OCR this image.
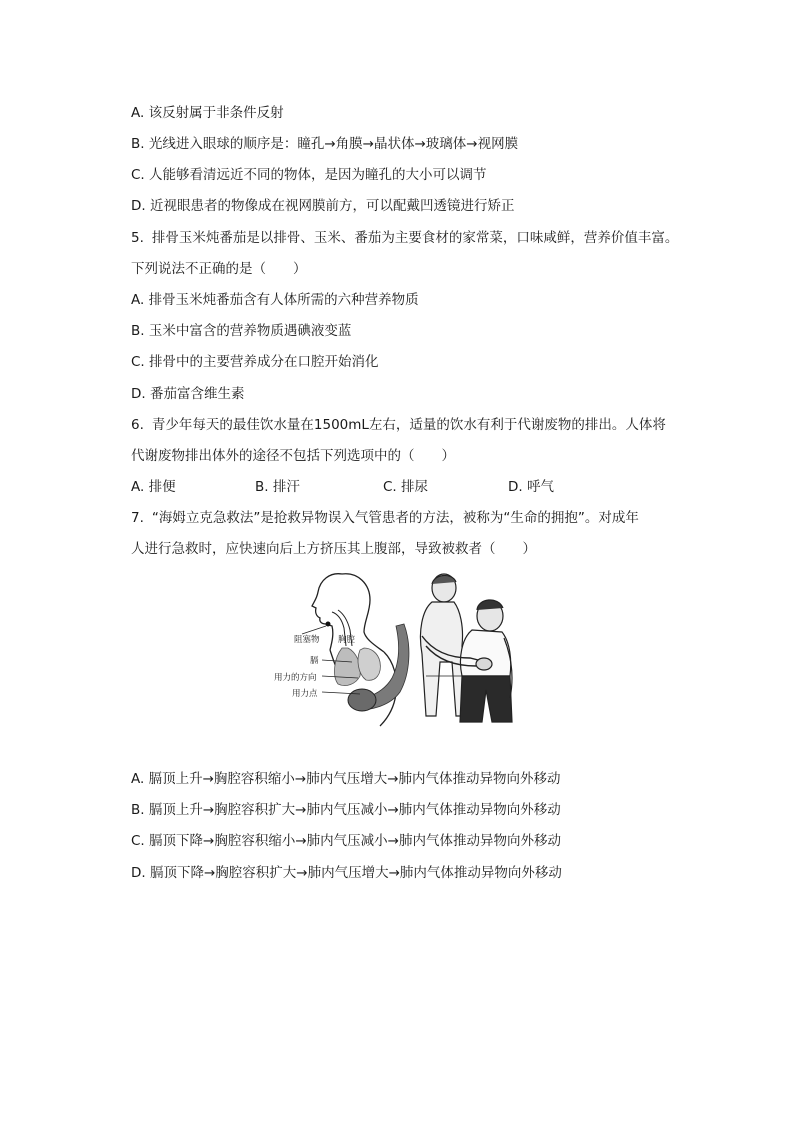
A. 该反射属于非条件反射
B. 光线进入眼球的顺序是：瞳孔→角膜→晶状体→玻璃体→视网膜
C. 人能够看清远近不同的物体，是因为瞳孔的大小可以调节
D. 近视眼患者的物像成在视网膜前方，可以配戴凹透镜进行矫正
5. 排骨玉米炖番茄是以排骨、玉米、番茄为主要食材的家常菜，口味咸鲜，营养价值丰富。
下列说法不正确的是（　　）
A. 排骨玉米炖番茄含有人体所需的六种营养物质
B. 玉米中富含的营养物质遇碘液变蓝
C. 排骨中的主要营养成分在口腔开始消化
D. 番茄富含维生素
6. 青少年每天的最佳饮水量在1500mL左右，适量的饮水有利于代谢废物的排出。人体将
代谢废物排出体外的途径不包括下列选项中的（　　）
A. 排便	B. 排汗	C. 排尿	D. 呼气
7. “海姆立克急救法”是抢救异物误入气管患者的方法，被称为“生命的拥抱”。对成年
人进行急救时，应快速向后上方挤压其上腹部，导致被救者（　　）
阻塞物 胸腔
膈
用力的方向
用力点
A. 膈顶上升→胸腔容积缩小→肺内气压增大→肺内气体推动异物向外移动
B. 膈顶上升→胸腔容积扩大→肺内气压减小→肺内气体推动异物向外移动
C. 膈顶下降→胸腔容积缩小→肺内气压减小→肺内气体推动异物向外移动
D. 膈顶下降→胸腔容积扩大→肺内气压增大→肺内气体推动异物向外移动
